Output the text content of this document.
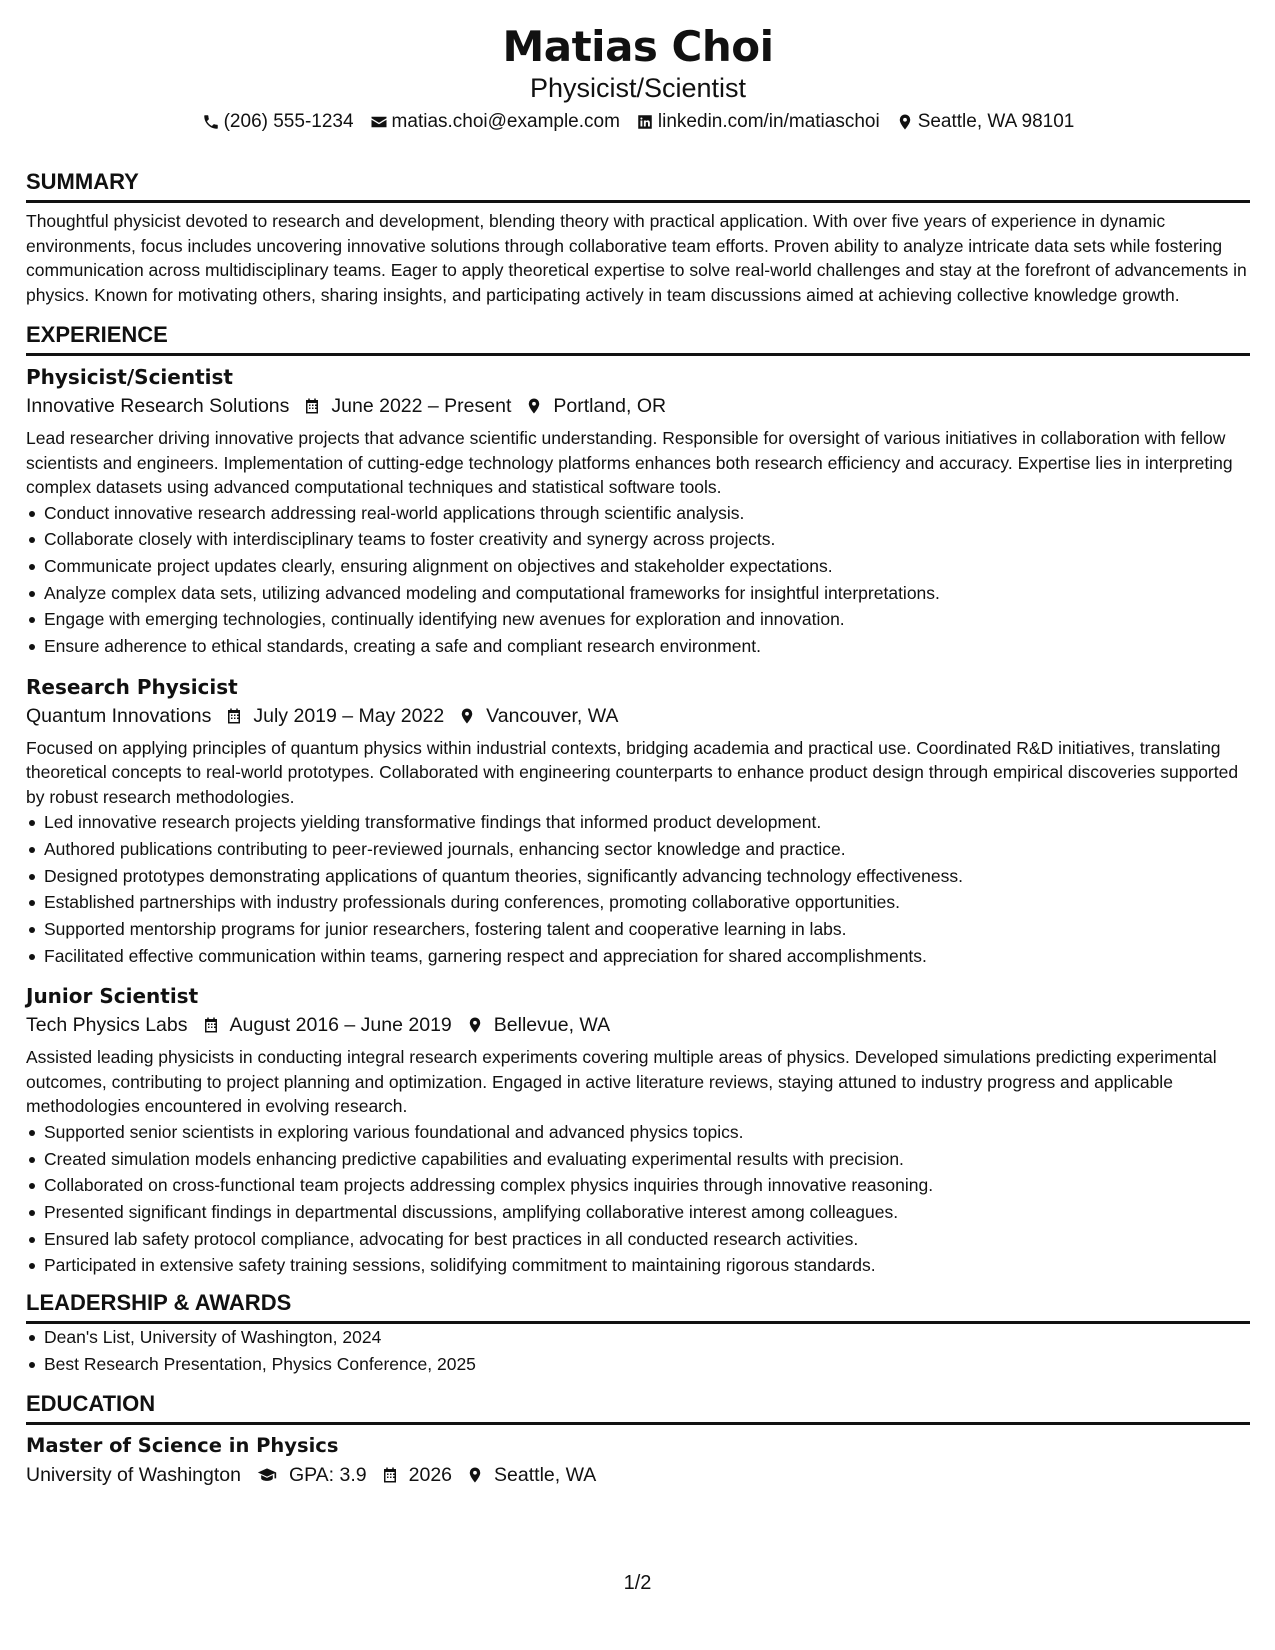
Matias Choi
Physicist/Scientist
(206) 555-1234 matias.choi@example.com linkedin.com/in/matiaschoi Seattle, WA 98101
SUMMARY
Thoughtful physicist devoted to research and development, blending theory with practical application. With over five years of experience in dynamic environments, focus includes uncovering innovative solutions through collaborative team efforts. Proven ability to analyze intricate data sets while fostering communication across multidisciplinary teams. Eager to apply theoretical expertise to solve real-world challenges and stay at the forefront of advancements in physics. Known for motivating others, sharing insights, and participating actively in team discussions aimed at achieving collective knowledge growth.
EXPERIENCE
Physicist/Scientist
Innovative Research Solutions June 2022 – Present Portland, OR
Lead researcher driving innovative projects that advance scientific understanding. Responsible for oversight of various initiatives in collaboration with fellow scientists and engineers. Implementation of cutting-edge technology platforms enhances both research efficiency and accuracy. Expertise lies in interpreting complex datasets using advanced computational techniques and statistical software tools.
Conduct innovative research addressing real-world applications through scientific analysis.
Collaborate closely with interdisciplinary teams to foster creativity and synergy across projects.
Communicate project updates clearly, ensuring alignment on objectives and stakeholder expectations.
Analyze complex data sets, utilizing advanced modeling and computational frameworks for insightful interpretations.
Engage with emerging technologies, continually identifying new avenues for exploration and innovation.
Ensure adherence to ethical standards, creating a safe and compliant research environment.
Research Physicist
Quantum Innovations July 2019 – May 2022 Vancouver, WA
Focused on applying principles of quantum physics within industrial contexts, bridging academia and practical use. Coordinated R&D initiatives, translating theoretical concepts to real-world prototypes. Collaborated with engineering counterparts to enhance product design through empirical discoveries supported by robust research methodologies.
Led innovative research projects yielding transformative findings that informed product development.
Authored publications contributing to peer-reviewed journals, enhancing sector knowledge and practice.
Designed prototypes demonstrating applications of quantum theories, significantly advancing technology effectiveness.
Established partnerships with industry professionals during conferences, promoting collaborative opportunities.
Supported mentorship programs for junior researchers, fostering talent and cooperative learning in labs.
Facilitated effective communication within teams, garnering respect and appreciation for shared accomplishments.
Junior Scientist
Tech Physics Labs August 2016 – June 2019 Bellevue, WA
Assisted leading physicists in conducting integral research experiments covering multiple areas of physics. Developed simulations predicting experimental outcomes, contributing to project planning and optimization. Engaged in active literature reviews, staying attuned to industry progress and applicable methodologies encountered in evolving research.
Supported senior scientists in exploring various foundational and advanced physics topics.
Created simulation models enhancing predictive capabilities and evaluating experimental results with precision.
Collaborated on cross-functional team projects addressing complex physics inquiries through innovative reasoning.
Presented significant findings in departmental discussions, amplifying collaborative interest among colleagues.
Ensured lab safety protocol compliance, advocating for best practices in all conducted research activities.
Participated in extensive safety training sessions, solidifying commitment to maintaining rigorous standards.
LEADERSHIP & AWARDS
Dean's List, University of Washington, 2024
Best Research Presentation, Physics Conference, 2025
EDUCATION
Master of Science in Physics
University of Washington GPA: 3.9 2026 Seattle, WA
1/2
